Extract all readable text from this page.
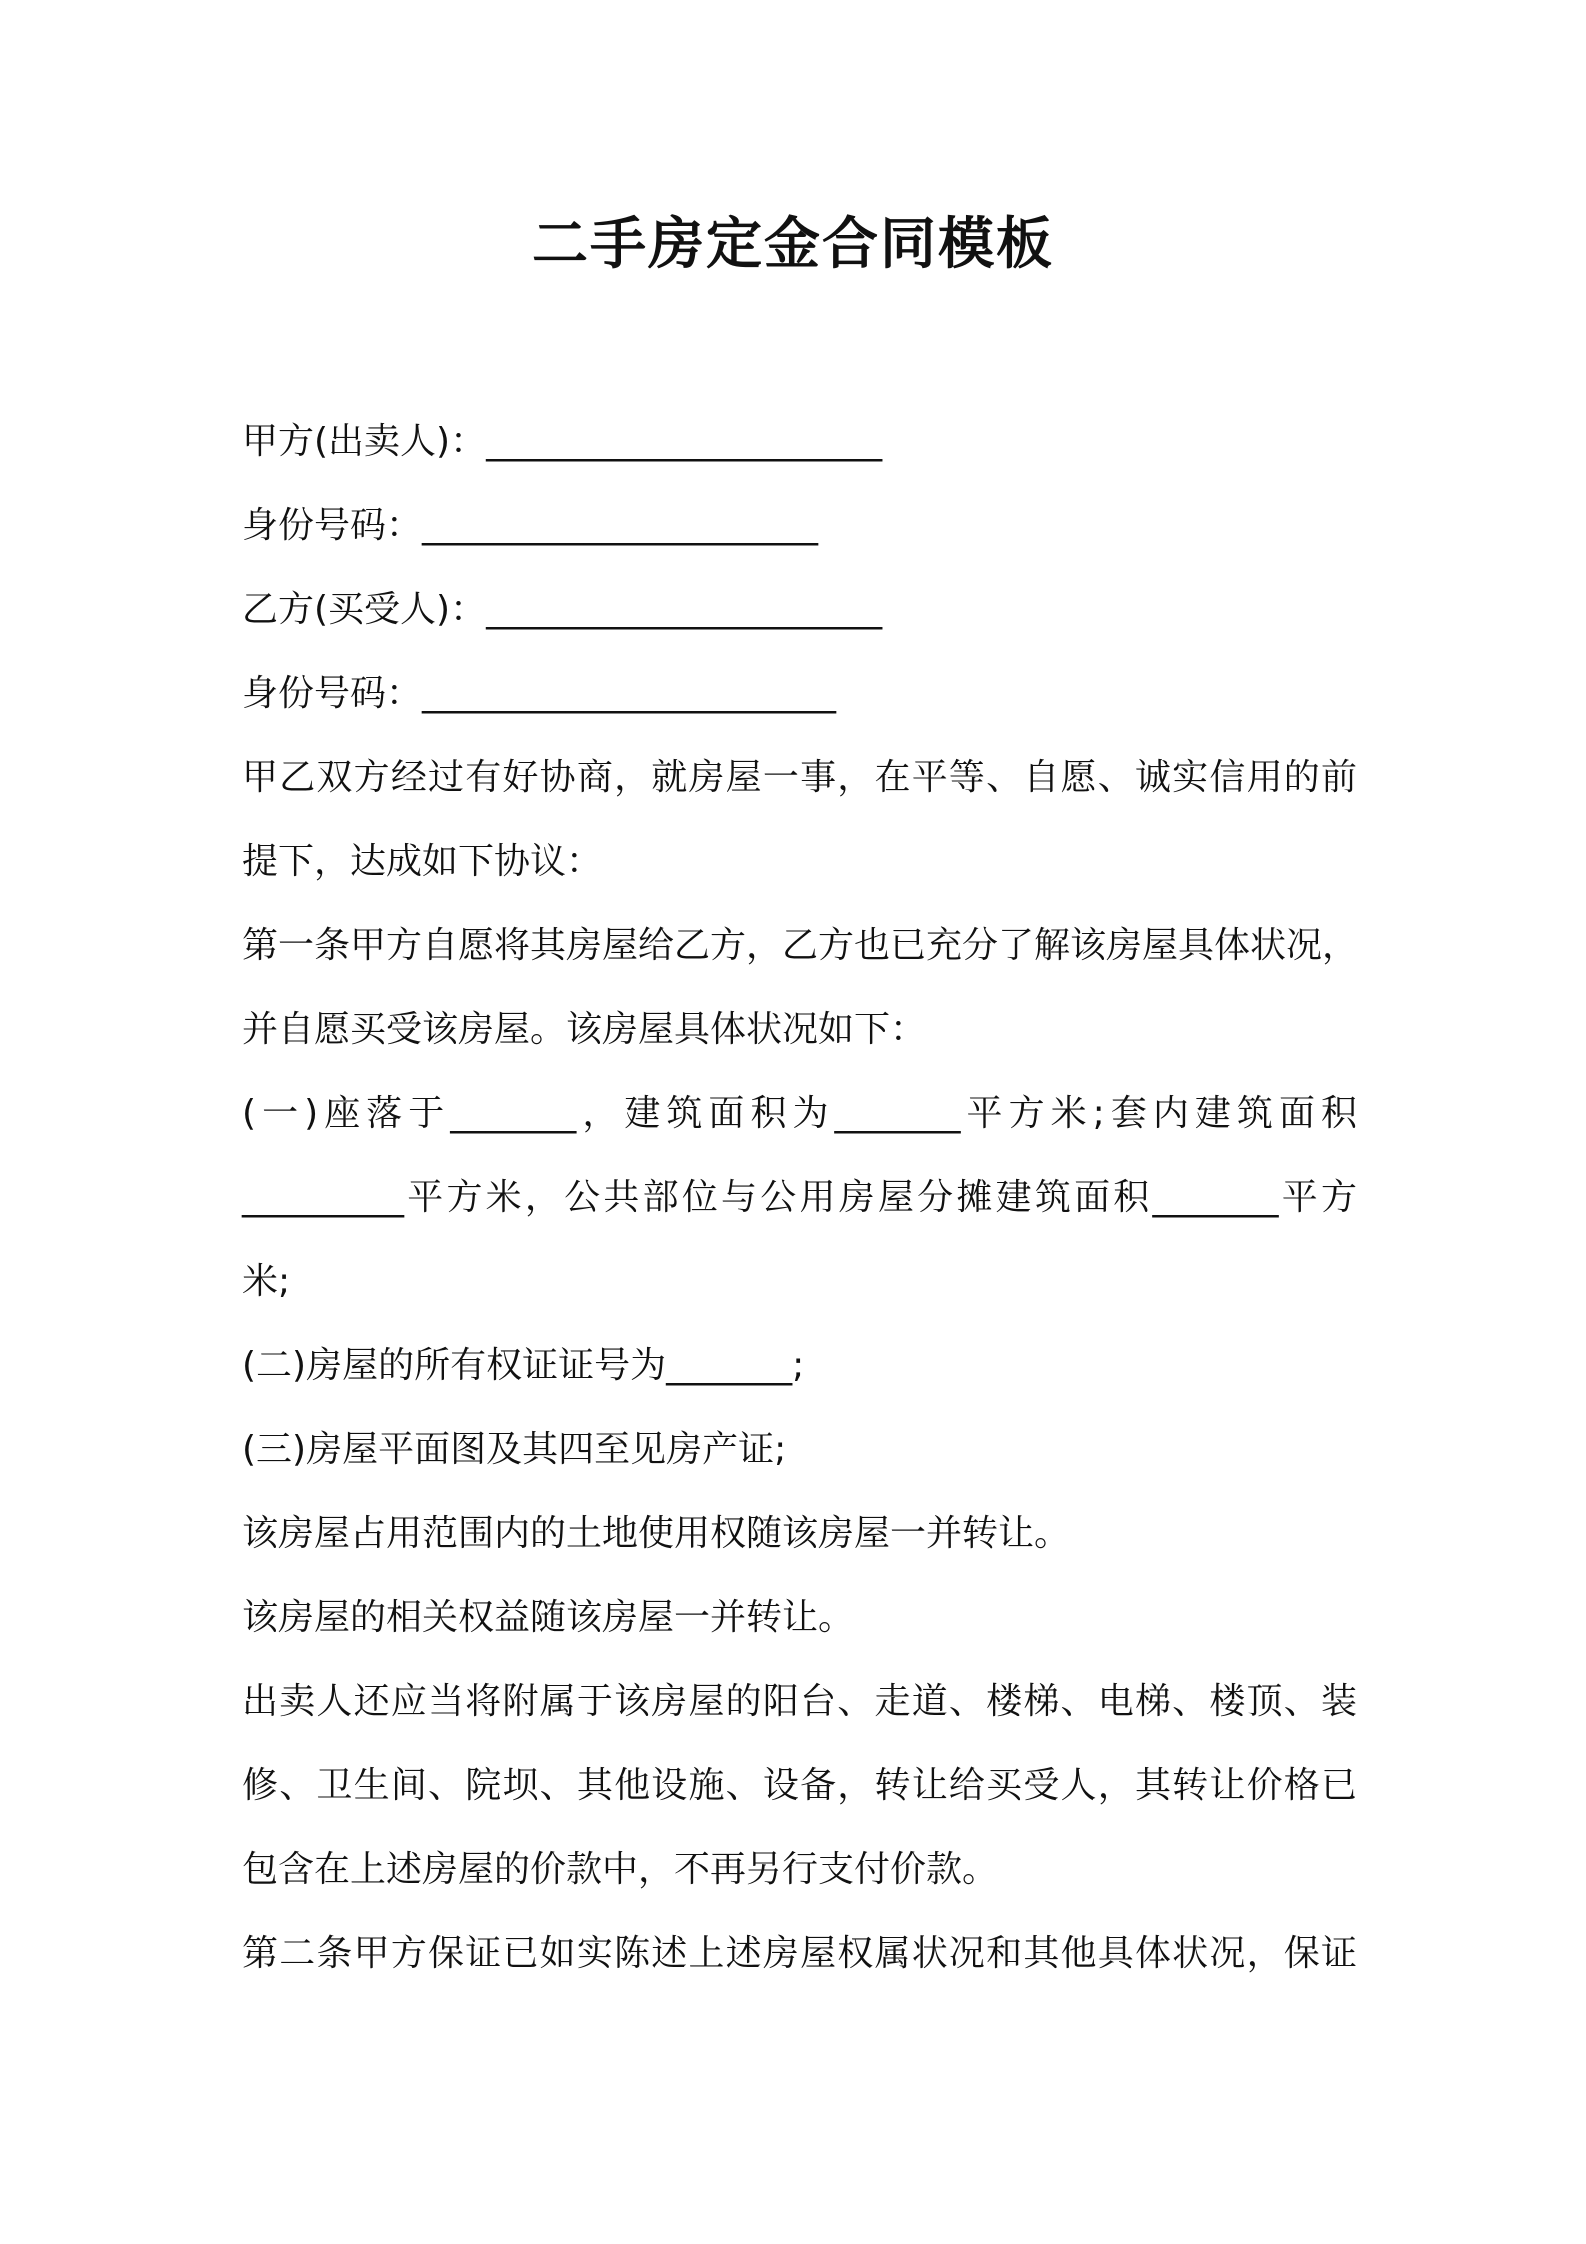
二手房定金合同模板
甲方(出卖人)：______________________
身份号码：______________________
乙方(买受人)：______________________
身份号码：_______________________
甲乙双方经过有好协商，就房屋一事，在平等、自愿、诚实信用的前
提下，达成如下协议：
第一条甲方自愿将其房屋给乙方，乙方也已充分了解该房屋具体状况，
并自愿买受该房屋。该房屋具体状况如下：
(一)座落于_______，建筑面积为_______平方米;套内建筑面积
_________平方米，公共部位与公用房屋分摊建筑面积_______平方
米;
(二)房屋的所有权证证号为_______;
(三)房屋平面图及其四至见房产证;
该房屋占用范围内的土地使用权随该房屋一并转让。
该房屋的相关权益随该房屋一并转让。
出卖人还应当将附属于该房屋的阳台、走道、楼梯、电梯、楼顶、装
修、卫生间、院坝、其他设施、设备，转让给买受人，其转让价格已
包含在上述房屋的价款中，不再另行支付价款。
第二条甲方保证已如实陈述上述房屋权属状况和其他具体状况，保证
